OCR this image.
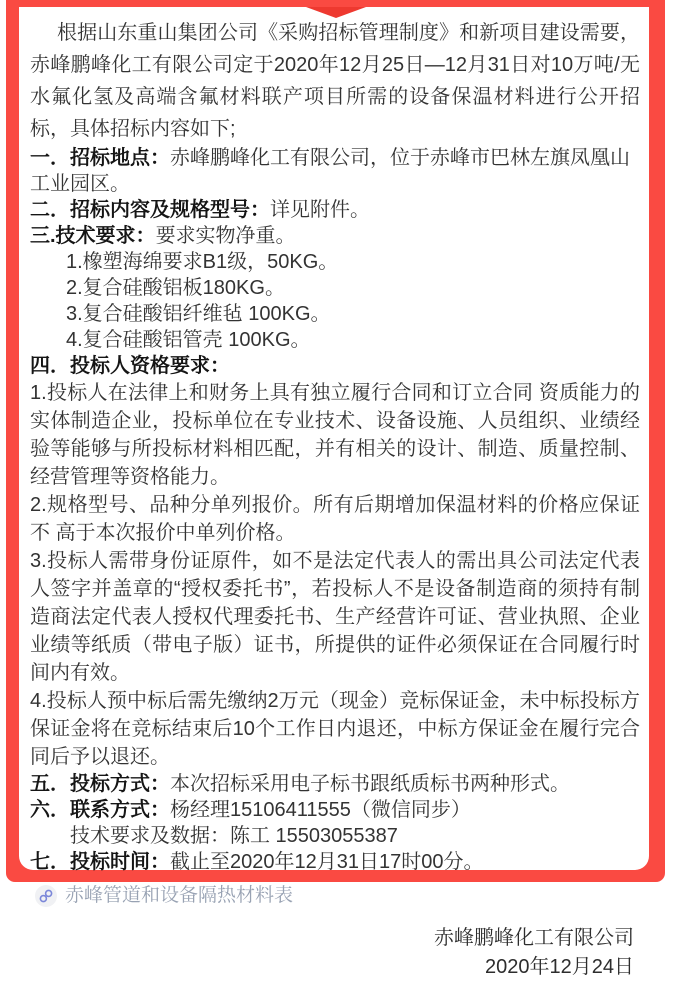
根据山东重山集团公司《采购招标管理制度》和新项目建设需要，赤峰鹏峰化工有限公司定于2020年12月25日—12月31日对10万吨/无水氟化氢及高端含氟材料联产项目所需的设备保温材料进行公开招标，具体招标内容如下;

一．招标地点：赤峰鹏峰化工有限公司，位于赤峰市巴林左旗凤凰山工业园区。

二．招标内容及规格型号：详见附件。

三.技术要求：要求实物净重。

1.橡塑海绵要求B1级，50KG。

2.复合硅酸铝板180KG。

3.复合硅酸铝纤维毡 100KG。

4.复合硅酸铝管壳 100KG。

四．投标人资格要求：

1.投标人在法律上和财务上具有独立履行合同和订立合同 资质能力的实体制造企业，投标单位在专业技术、设备设施、人员组织、业绩经验等能够与所投标材料相匹配，并有相关的设计、制造、质量控制、经营管理等资格能力。

2.规格型号、品种分单列报价。所有后期增加保温材料的价格应保证不 高于本次报价中单列价格。

3.投标人需带身份证原件，如不是法定代表人的需出具公司法定代表人签字并盖章的“授权委托书”，若投标人不是设备制造商的须持有制造商法定代表人授权代理委托书、生产经营许可证、营业执照、企业业绩等纸质（带电子版）证书，所提供的证件必须保证在合同履行时间内有效。

4.投标人预中标后需先缴纳2万元（现金）竞标保证金，未中标投标方保证金将在竞标结束后10个工作日内退还，中标方保证金在履行完合同后予以退还。

五．投标方式：本次招标采用电子标书跟纸质标书两种形式。

六．联系方式：杨经理15106411555（微信同步）

技术要求及数据：陈工 15503055387

七．投标时间：截止至2020年12月31日17时00分。

赤峰管道和设备隔热材料表
赤峰鹏峰化工有限公司
2020年12月24日
